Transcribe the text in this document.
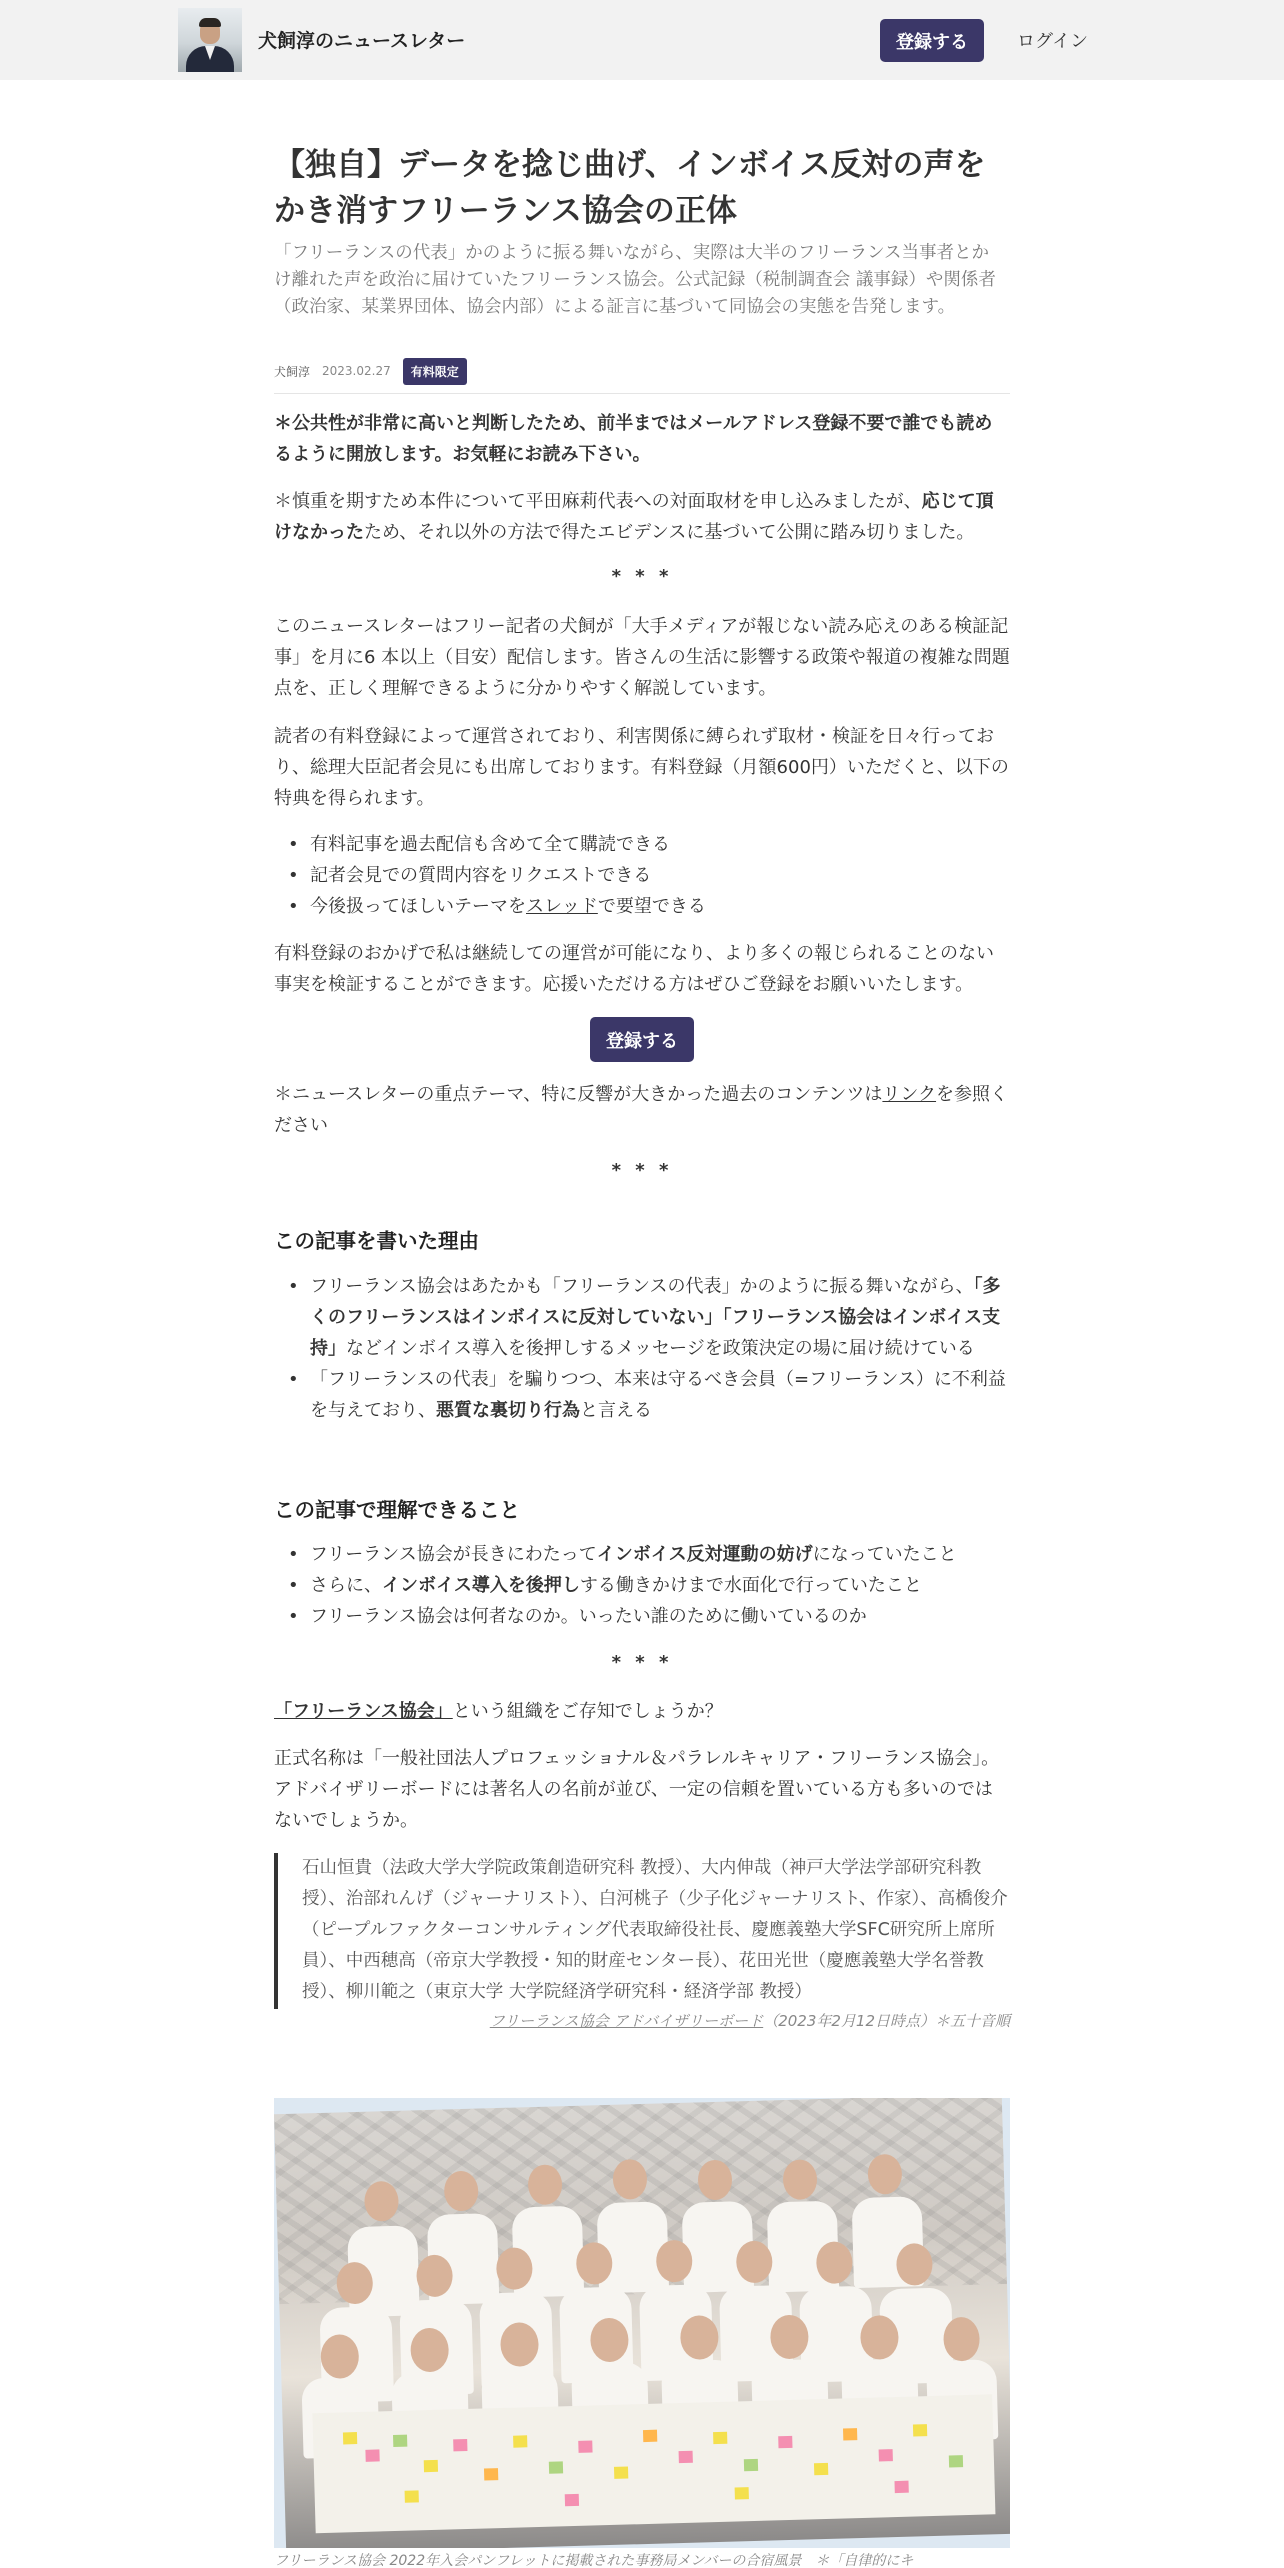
犬飼淳のニュースレター	登録する	ログイン
【独自】データを捻じ曲げ、インボイス反対の声をかき消すフリーランス協会の正体
「フリーランスの代表」かのように振る舞いながら、実際は大半のフリーランス当事者とかけ離れた声を政治に届けていたフリーランス協会。公式記録（税制調査会 議事録）や関係者（政治家、某業界団体、協会内部）による証言に基づいて同協会の実態を告発します。
犬飼淳 2023.02.27	有料限定
＊公共性が非常に高いと判断したため、前半まではメールアドレス登録不要で誰でも読めるように開放します。お気軽にお読み下さい。
＊慎重を期すため本件について平田麻莉代表への対面取材を申し込みましたが、応じて頂けなかったため、それ以外の方法で得たエビデンスに基づいて公開に踏み切りました。
* * *
このニュースレターはフリー記者の犬飼が「大手メディアが報じない読み応えのある検証記事」を月に6 本以上（目安）配信します。皆さんの生活に影響する政策や報道の複雑な問題点を、正しく理解できるように分かりやすく解説しています。
読者の有料登録によって運営されており、利害関係に縛られず取材・検証を日々行っており、総理大臣記者会見にも出席しております。有料登録（月額600円）いただくと、以下の特典を得られます。
• 有料記事を過去配信も含めて全て購読できる
• 記者会見での質問内容をリクエストできる
• 今後扱ってほしいテーマをスレッドで要望できる
有料登録のおかげで私は継続しての運営が可能になり、より多くの報じられることのない事実を検証することができます。応援いただける方はぜひご登録をお願いいたします。
登録する
＊ニュースレターの重点テーマ、特に反響が大きかった過去のコンテンツはリンクを参照ください
* * *
この記事を書いた理由
• フリーランス協会はあたかも「フリーランスの代表」かのように振る舞いながら、「多くのフリーランスはインボイスに反対していない」「フリーランス協会はインボイス支持」などインボイス導入を後押しするメッセージを政策決定の場に届け続けている
• 「フリーランスの代表」を騙りつつ、本来は守るべき会員（=フリーランス）に不利益を与えており、悪質な裏切り行為と言える
この記事で理解できること
• フリーランス協会が長きにわたってインボイス反対運動の妨げになっていたこと
• さらに、インボイス導入を後押しする働きかけまで水面化で行っていたこと
• フリーランス協会は何者なのか。いったい誰のために働いているのか
* * *
「フリーランス協会」という組織をご存知でしょうか？
正式名称は「一般社団法人プロフェッショナル＆パラレルキャリア・フリーランス協会」。アドバイザリーボードには著名人の名前が並び、一定の信頼を置いている方も多いのではないでしょうか。
石山恒貴（法政大学大学院政策創造研究科 教授）、大内伸哉（神戸大学法学部研究科教授）、治部れんげ（ジャーナリスト）、白河桃子（少子化ジャーナリスト、作家）、高橋俊介（ピープルファクターコンサルティング代表取締役社長、慶應義塾大学SFC研究所上席所員）、中西穂高（帝京大学教授・知的財産センター長）、花田光世（慶應義塾大学名誉教授）、柳川範之（東京大学 大学院経済学研究科・経済学部 教授）
フリーランス協会 アドバイザリーボード（2023年2月12日時点）＊五十音順
フリーランス協会 2022年入会パンフレットに掲載された事務局メンバーの合宿風景　＊「自律的にキ
